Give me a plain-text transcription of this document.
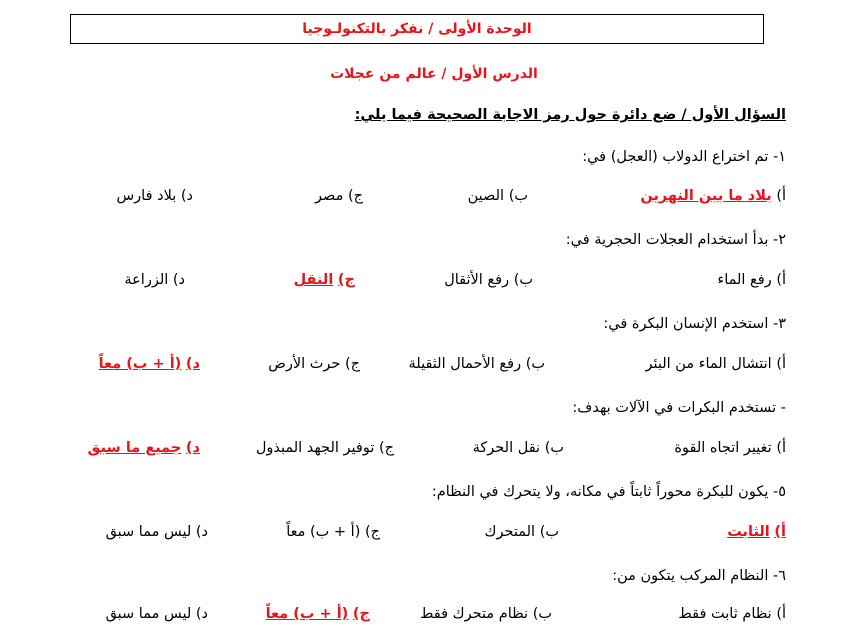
الوحدة الأولى / نفكر بالتكنولـوجيا
الدرس الأول / عالم من عجلات
السؤال الأول / ضع دائرة حول رمز الاجابة الصحيحة فيما يلي:
١- تم اختراع الدولاب (العجل) في:
أ) بلاد ما بين النهرين
ب) الصين
ج) مصر
د) بلاد فارس
٢- بدأ استخدام العجلات الحجرية في:
أ) رفع الماء
ب) رفع الأثقال
ج) النقل
د) الزراعة
٣- استخدم الإنسان البكرة في:
أ) انتشال الماء من البئر
ب) رفع الأحمال الثقيلة
ج) حرث الأرض
د) (أ + ب) معاً
- تستخدم البكرات في الآلات بهدف:
أ) تغيير اتجاه القوة
ب) نقل الحركة
ج) توفير الجهد المبذول
د) جميع ما سبق
٥- يكون للبكرة محوراً ثابتاً في مكانه، ولا يتحرك في النظام:
أ) الثابت
ب) المتحرك
ج) (أ + ب) معاً
د) ليس مما سبق
٦- النظام المركب يتكون من:
أ) نظام ثابت فقط
ب) نظام متحرك فقط
ج) (أ + ب) معاً
د) ليس مما سبق
